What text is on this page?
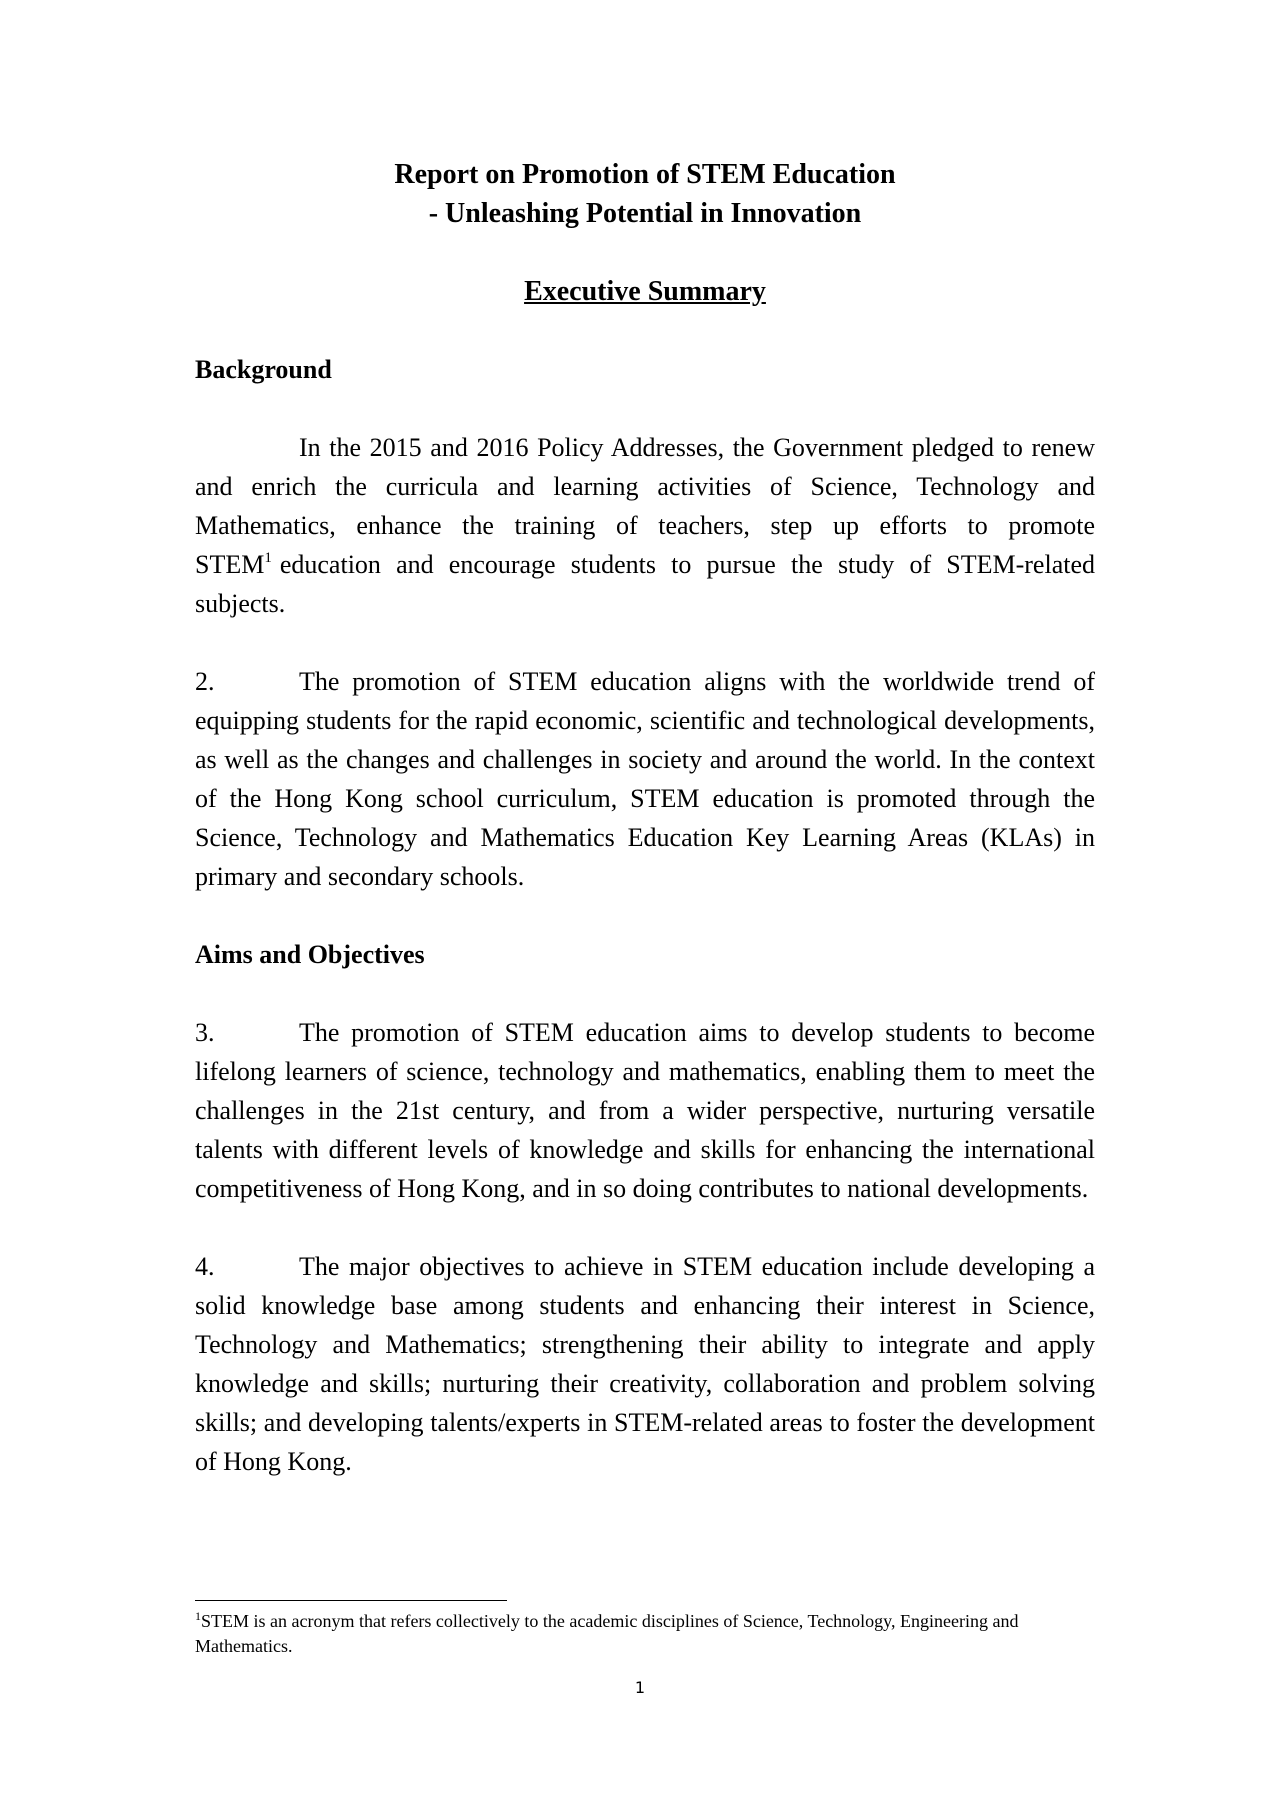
Report on Promotion of STEM Education
- Unleashing Potential in Innovation
Executive Summary
Background

In the 2015 and 2016 Policy Addresses, the Government pledged to renew and enrich the curricula and learning activities of Science, Technology and Mathematics, enhance the training of teachers, step up efforts to promote STEM$^1$ education and encourage students to pursue the study of STEM-related subjects.

2.	The promotion of STEM education aligns with the worldwide trend of equipping students for the rapid economic, scientific and technological developments, as well as the changes and challenges in society and around the world. In the context of the Hong Kong school curriculum, STEM education is promoted through the Science, Technology and Mathematics Education Key Learning Areas (KLAs) in primary and secondary schools.

Aims and Objectives

3.	The promotion of STEM education aims to develop students to become lifelong learners of science, technology and mathematics, enabling them to meet the challenges in the 21st century, and from a wider perspective, nurturing versatile talents with different levels of knowledge and skills for enhancing the international competitiveness of Hong Kong, and in so doing contributes to national developments.

4.	The major objectives to achieve in STEM education include developing a solid knowledge base among students and enhancing their interest in Science, Technology and Mathematics; strengthening their ability to integrate and apply knowledge and skills; nurturing their creativity, collaboration and problem solving skills; and developing talents/experts in STEM-related areas to foster the development of Hong Kong.

$^1$STEM is an acronym that refers collectively to the academic disciplines of Science, Technology, Engineering and Mathematics.
1
